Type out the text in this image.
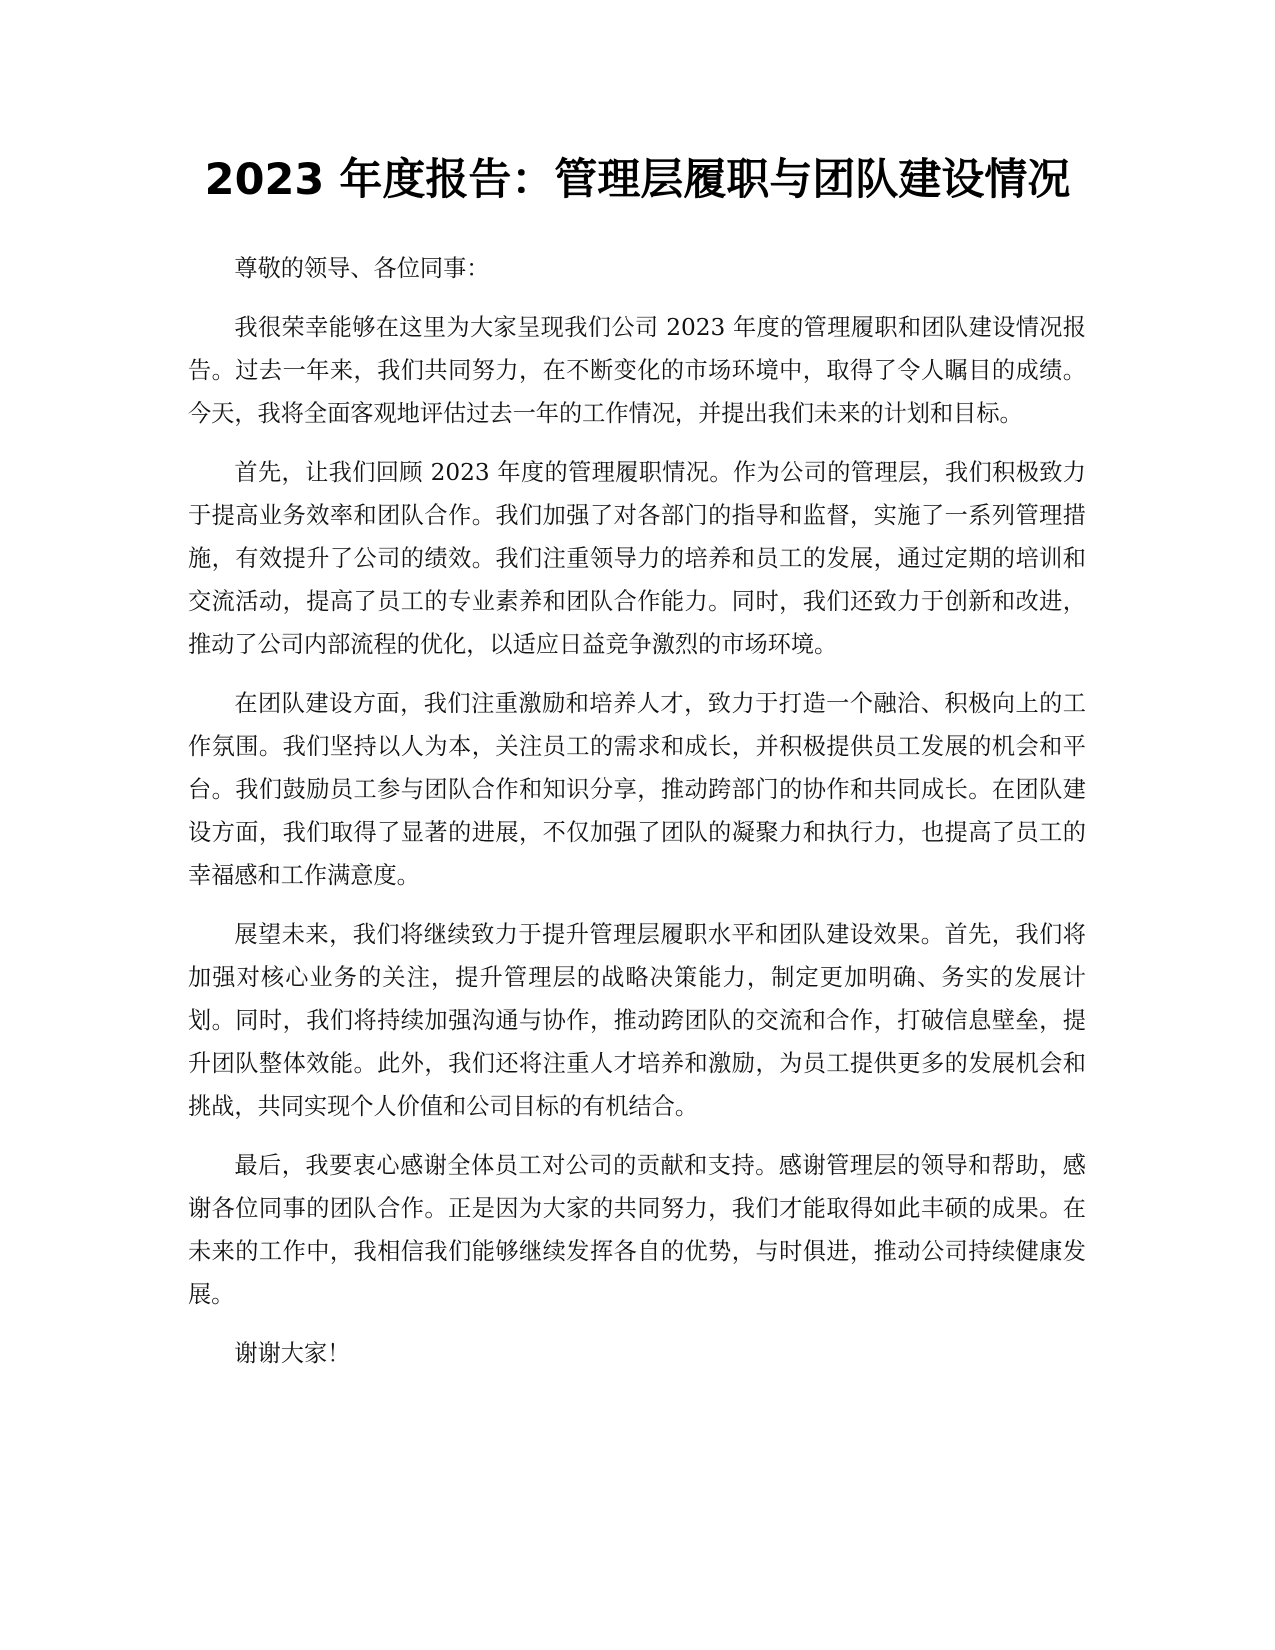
2023 年度报告：管理层履职与团队建设情况

尊敬的领导、各位同事：

我很荣幸能够在这里为大家呈现我们公司 2023 年度的管理履职和团队建设情况报告。过去一年来，我们共同努力，在不断变化的市场环境中，取得了令人瞩目的成绩。今天，我将全面客观地评估过去一年的工作情况，并提出我们未来的计划和目标。

首先，让我们回顾 2023 年度的管理履职情况。作为公司的管理层，我们积极致力于提高业务效率和团队合作。我们加强了对各部门的指导和监督，实施了一系列管理措施，有效提升了公司的绩效。我们注重领导力的培养和员工的发展，通过定期的培训和交流活动，提高了员工的专业素养和团队合作能力。同时，我们还致力于创新和改进，推动了公司内部流程的优化，以适应日益竞争激烈的市场环境。

在团队建设方面，我们注重激励和培养人才，致力于打造一个融洽、积极向上的工作氛围。我们坚持以人为本，关注员工的需求和成长，并积极提供员工发展的机会和平台。我们鼓励员工参与团队合作和知识分享，推动跨部门的协作和共同成长。在团队建设方面，我们取得了显著的进展，不仅加强了团队的凝聚力和执行力，也提高了员工的幸福感和工作满意度。

展望未来，我们将继续致力于提升管理层履职水平和团队建设效果。首先，我们将加强对核心业务的关注，提升管理层的战略决策能力，制定更加明确、务实的发展计划。同时，我们将持续加强沟通与协作，推动跨团队的交流和合作，打破信息壁垒，提升团队整体效能。此外，我们还将注重人才培养和激励，为员工提供更多的发展机会和挑战，共同实现个人价值和公司目标的有机结合。

最后，我要衷心感谢全体员工对公司的贡献和支持。感谢管理层的领导和帮助，感谢各位同事的团队合作。正是因为大家的共同努力，我们才能取得如此丰硕的成果。在未来的工作中，我相信我们能够继续发挥各自的优势，与时俱进，推动公司持续健康发展。

谢谢大家！
